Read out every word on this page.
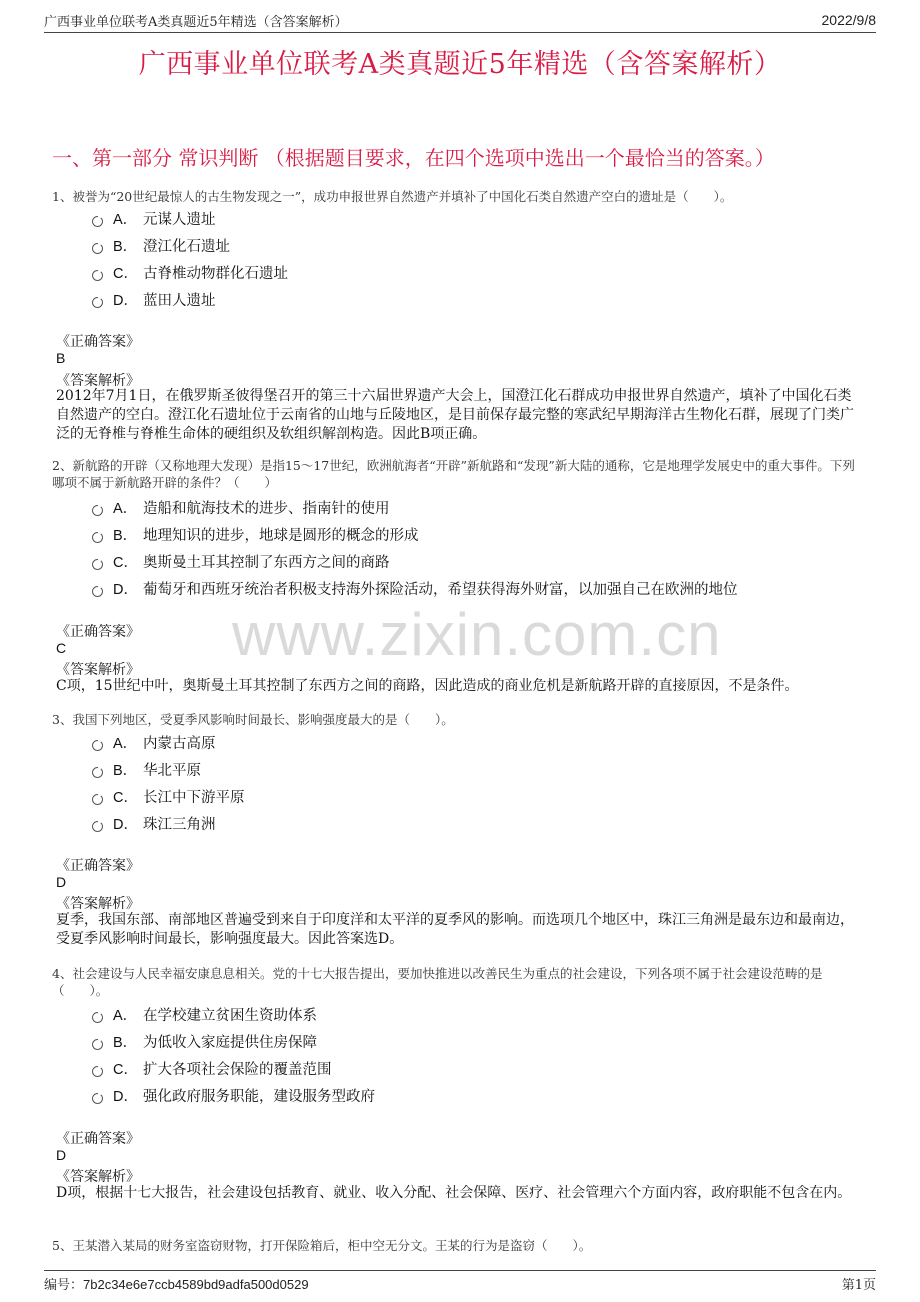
广西事业单位联考A类真题近5年精选（含答案解析）	2022/9/8
广西事业单位联考A类真题近5年精选（含答案解析）
一、第一部分 常识判断 （根据题目要求，在四个选项中选出一个最恰当的答案。）
www.zixin.com.cn
1、被誉为“20世纪最惊人的古生物发现之一”，成功申报世界自然遗产并填补了中国化石类自然遗产空白的遗址是（　　）。
A． 元谋人遗址
B． 澄江化石遗址
C． 古脊椎动物群化石遗址
D． 蓝田人遗址
《正确答案》
B
《答案解析》
2012年7月1日，在俄罗斯圣彼得堡召开的第三十六届世界遗产大会上，国澄江化石群成功申报世界自然遗产，填补了中国化石类自然遗产的空白。澄江化石遗址位于云南省的山地与丘陵地区，是目前保存最完整的寒武纪早期海洋古生物化石群，展现了门类广泛的无脊椎与脊椎生命体的硬组织及软组织解剖构造。因此B项正确。
2、新航路的开辟（又称地理大发现）是指15～17世纪，欧洲航海者“开辟”新航路和“发现”新大陆的通称，它是地理学发展史中的重大事件。下列哪项不属于新航路开辟的条件？（　　）
A． 造船和航海技术的进步、指南针的使用
B． 地理知识的进步，地球是圆形的概念的形成
C． 奥斯曼土耳其控制了东西方之间的商路
D． 葡萄牙和西班牙统治者积极支持海外探险活动，希望获得海外财富，以加强自己在欧洲的地位
《正确答案》
C
《答案解析》
C项，15世纪中叶，奥斯曼土耳其控制了东西方之间的商路，因此造成的商业危机是新航路开辟的直接原因，不是条件。
3、我国下列地区，受夏季风影响时间最长、影响强度最大的是（　　）。
A． 内蒙古高原
B． 华北平原
C． 长江中下游平原
D． 珠江三角洲
《正确答案》
D
《答案解析》
夏季，我国东部、南部地区普遍受到来自于印度洋和太平洋的夏季风的影响。而选项几个地区中，珠江三角洲是最东边和最南边，受夏季风影响时间最长，影响强度最大。因此答案选D。
4、社会建设与人民幸福安康息息相关。党的十七大报告提出，要加快推进以改善民生为重点的社会建设，下列各项不属于社会建设范畴的是（　　）。
A． 在学校建立贫困生资助体系
B． 为低收入家庭提供住房保障
C． 扩大各项社会保险的覆盖范围
D． 强化政府服务职能，建设服务型政府
《正确答案》
D
《答案解析》
D项，根据十七大报告，社会建设包括教育、就业、收入分配、社会保障、医疗、社会管理六个方面内容，政府职能不包含在内。
5、王某潜入某局的财务室盗窃财物，打开保险箱后，柜中空无分文。王某的行为是盗窃（　　）。
编号：7b2c34e6e7ccb4589bd9adfa500d0529	第1页
